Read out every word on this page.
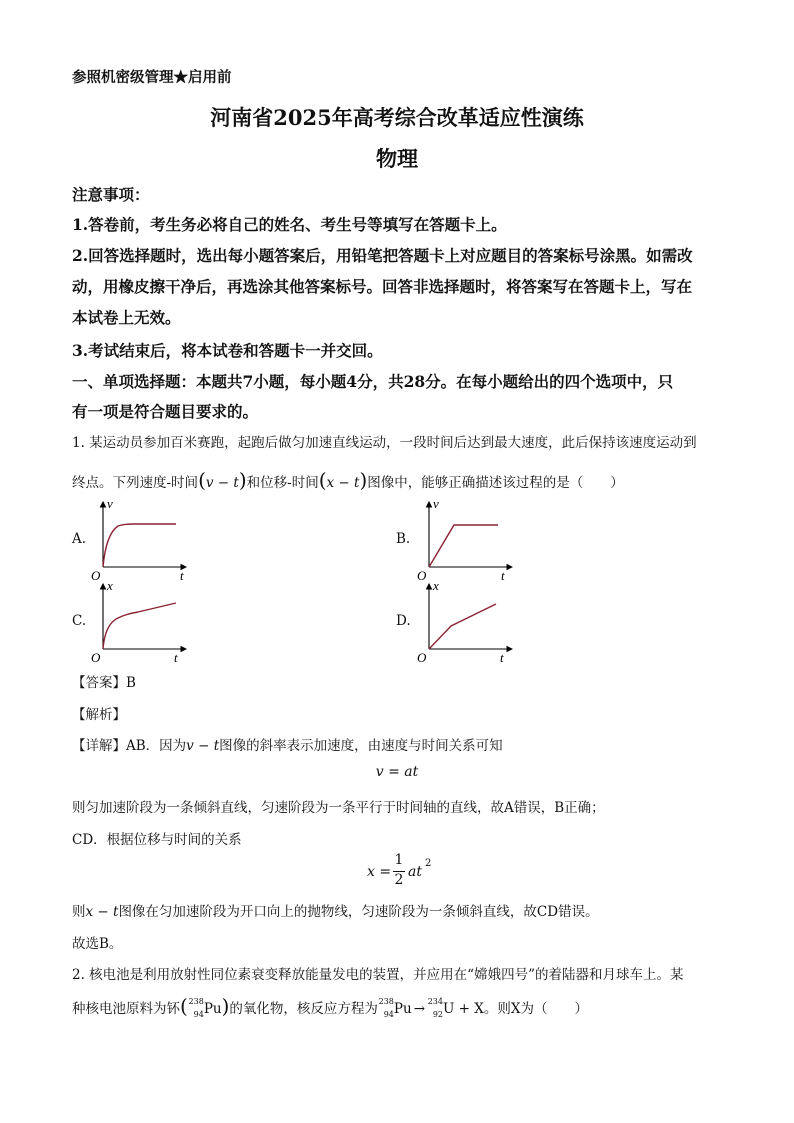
参照机密级管理★启用前
河南省2025年高考综合改革适应性演练
物理
注意事项：
1.答卷前，考生务必将自己的姓名、考生号等填写在答题卡上。
2.回答选择题时，选出每小题答案后，用铅笔把答题卡上对应题目的答案标号涂黑。如需改
动，用橡皮擦干净后，再选涂其他答案标号。回答非选择题时，将答案写在答题卡上，写在
本试卷上无效。
3.考试结束后，将本试卷和答题卡一并交回。
一、单项选择题：本题共7小题，每小题4分，共28分。在每小题给出的四个选项中，只
有一项是符合题目要求的。
1. 某运动员参加百米赛跑，起跑后做匀加速直线运动，一段时间后达到最大速度，此后保持该速度运动到
终点。下列速度-时间(v − t)和位移-时间(x − t)图像中，能够正确描述该过程的是（　　）
A.
v
t
O
B.
v
t
O
C.
x
t
O
D.
x
t
O
【答案】B
【解析】
【详解】AB．因为v − t图像的斜率表示加速度，由速度与时间关系可知
v = at
则匀加速阶段为一条倾斜直线，匀速阶段为一条平行于时间轴的直线，故A错误，B正确；
CD．根据位移与时间的关系
x =
1
2 at
2
则x − t图像在匀加速阶段为开口向上的抛物线，匀速阶段为一条倾斜直线，故CD错误。
故选B。
2. 核电池是利用放射性同位素衰变释放能量发电的装置，并应用在“嫦娥四号”的着陆器和月球车上。某
种核电池原料为钚( 238
94 Pu)的氧化物，核反应方程为 238
94 Pu → 234
92 U + X。则X为（　　）
